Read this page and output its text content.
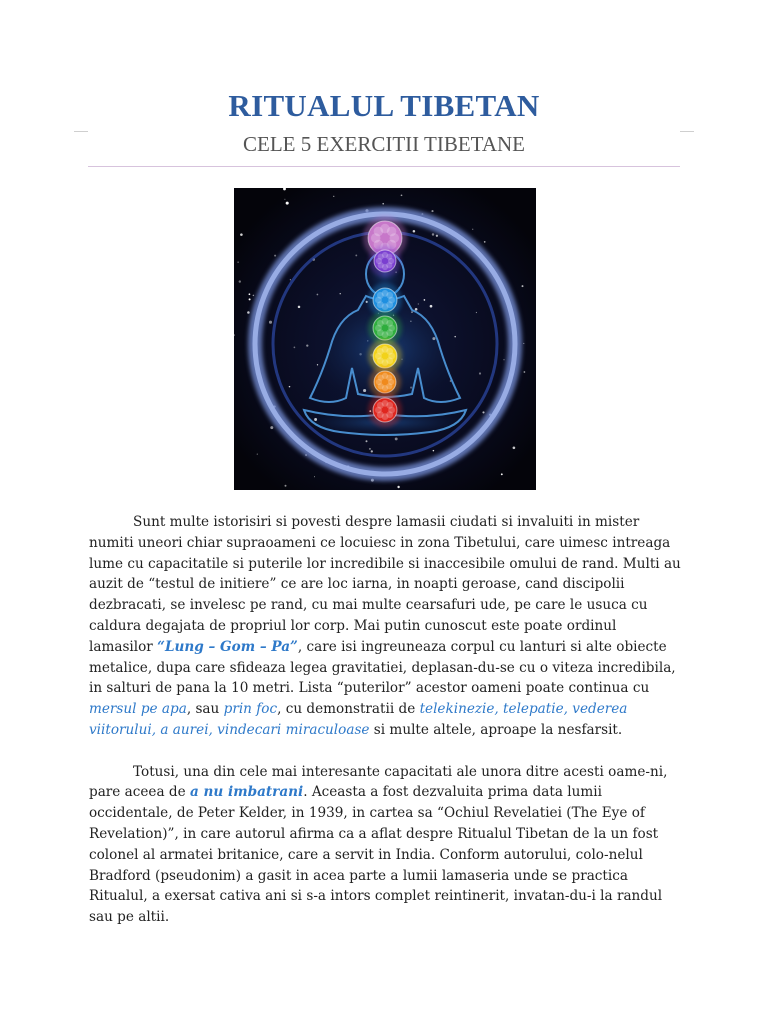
RITUALUL TIBETAN
CELE 5 EXERCITII TIBETANE

Sunt multe istorisiri si povesti despre lamasii ciudati si invaluiti in mister numiti uneori chiar supraoameni ce locuiesc in zona Tibetului, care uimesc intreaga lume cu capacitatile si puterile lor incredibile si inaccesibile omului de rand. Multi au auzit de “testul de initiere” ce are loc iarna, in noapti geroase, cand discipolii dezbracati, se invelesc pe rand, cu mai multe cearsafuri ude, pe care le usuca cu caldura degajata de propriul lor corp. Mai putin cunoscut este poate ordinul lamasilor “Lung – Gom – Pa”, care isi ingreuneaza corpul cu lanturi si alte obiecte metalice, dupa care sfideaza legea gravitatiei, deplasan-du-se cu o viteza incredibila, in salturi de pana la 10 metri. Lista “puterilor” acestor oameni poate continua cu mersul pe apa, sau prin foc, cu demonstratii de telekinezie, telepatie, vederea viitorului, a aurei, vindecari miraculoase si multe altele, aproape la nesfarsit.

Totusi, una din cele mai interesante capacitati ale unora ditre acesti oame-ni, pare aceea de a nu imbatrani. Aceasta a fost dezvaluita prima data lumii occidentale, de Peter Kelder, in 1939, in cartea sa “Ochiul Revelatiei (The Eye of Revelation)”, in care autorul afirma ca a aflat despre Ritualul Tibetan de la un fost colonel al armatei britanice, care a servit in India. Conform autorului, colo-nelul Bradford (pseudonim) a gasit in acea parte a lumii lamaseria unde se practica Ritualul, a exersat cativa ani si s-a intors complet reintinerit, invatan-du-i la randul sau pe altii.
